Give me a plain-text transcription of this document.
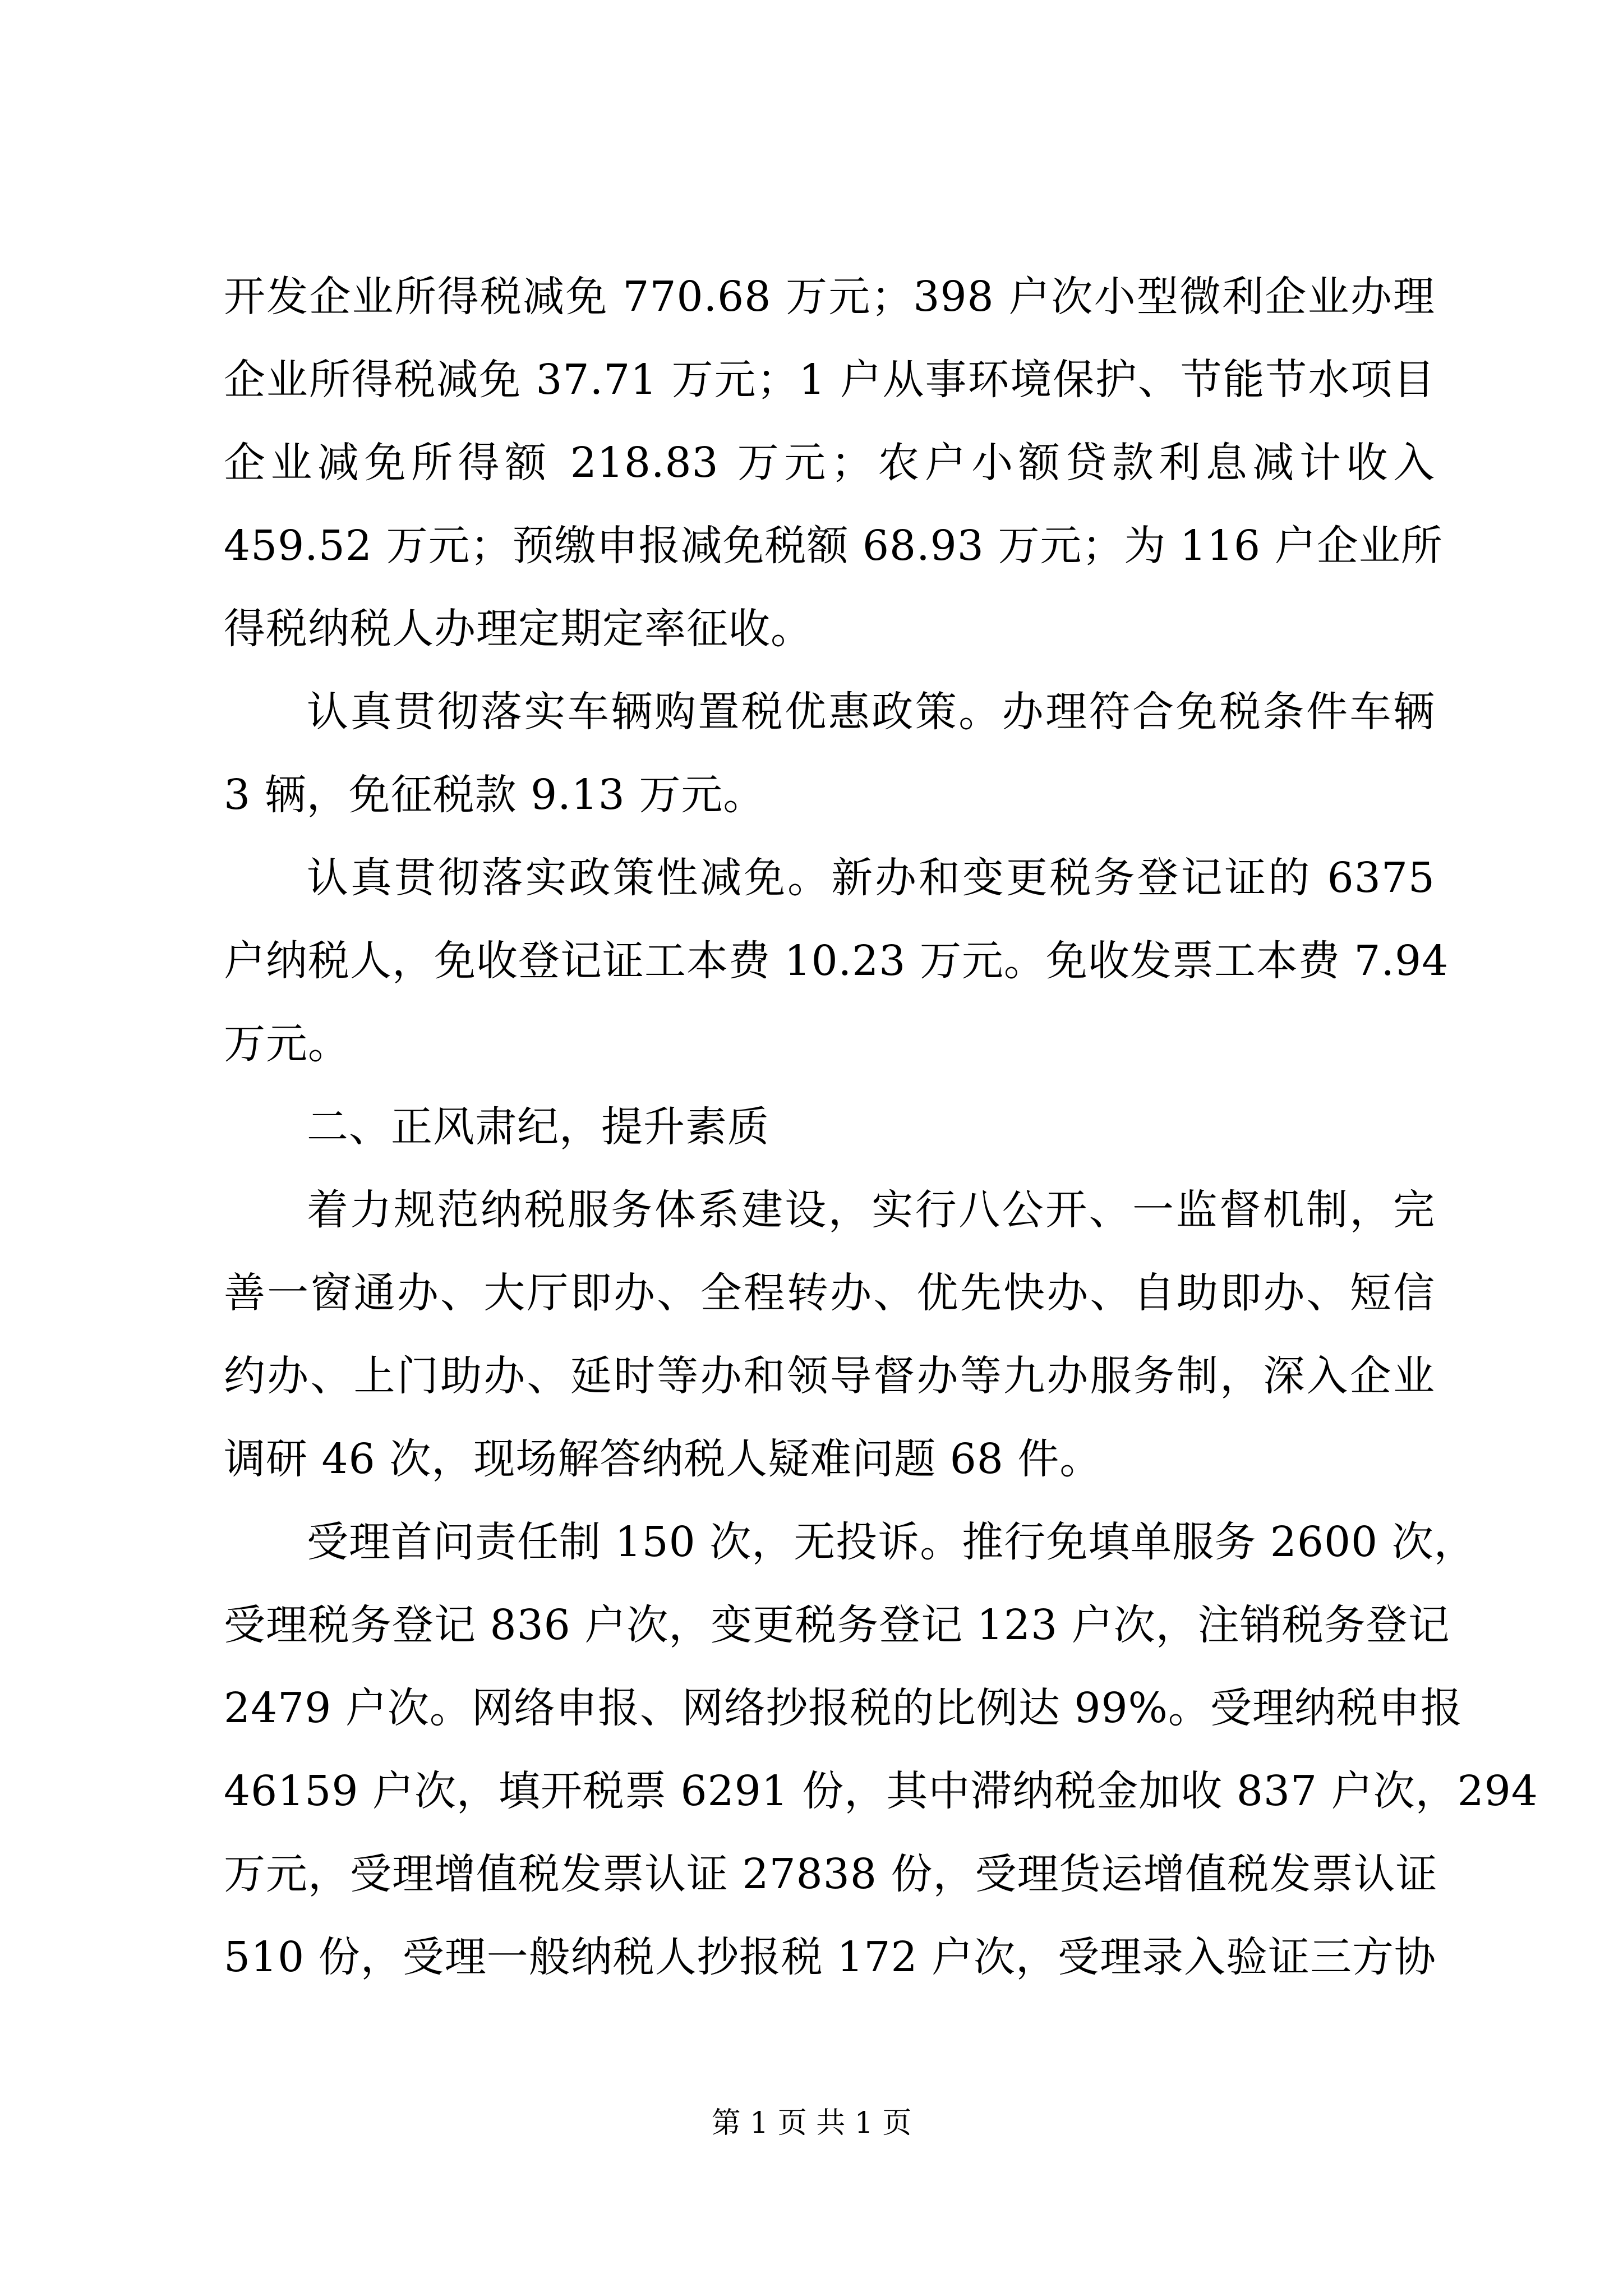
开发企业所得税减免 770.68 万元；398 户次小型微利企业办理
企业所得税减免 37.71 万元；1 户从事环境保护、节能节水项目
企业减免所得额 218.83 万元；农户小额贷款利息减计收入
459.52 万元；预缴申报减免税额 68.93 万元；为 116 户企业所
得税纳税人办理定期定率征收。
认真贯彻落实车辆购置税优惠政策。办理符合免税条件车辆
3 辆，免征税款 9.13 万元。
认真贯彻落实政策性减免。新办和变更税务登记证的 6375
户纳税人，免收登记证工本费 10.23 万元。免收发票工本费 7.94
万元。
二、正风肃纪，提升素质
着力规范纳税服务体系建设，实行八公开、一监督机制，完
善一窗通办、大厅即办、全程转办、优先快办、自助即办、短信
约办、上门助办、延时等办和领导督办等九办服务制，深入企业
调研 46 次，现场解答纳税人疑难问题 68 件。
受理首问责任制 150 次，无投诉。推行免填单服务 2600 次，
受理税务登记 836 户次，变更税务登记 123 户次，注销税务登记
2479 户次。网络申报、网络抄报税的比例达 99%。受理纳税申报
46159 户次，填开税票 6291 份，其中滞纳税金加收 837 户次，294
万元，受理增值税发票认证 27838 份，受理货运增值税发票认证
510 份，受理一般纳税人抄报税 172 户次，受理录入验证三方协
第 1 页 共 1 页
